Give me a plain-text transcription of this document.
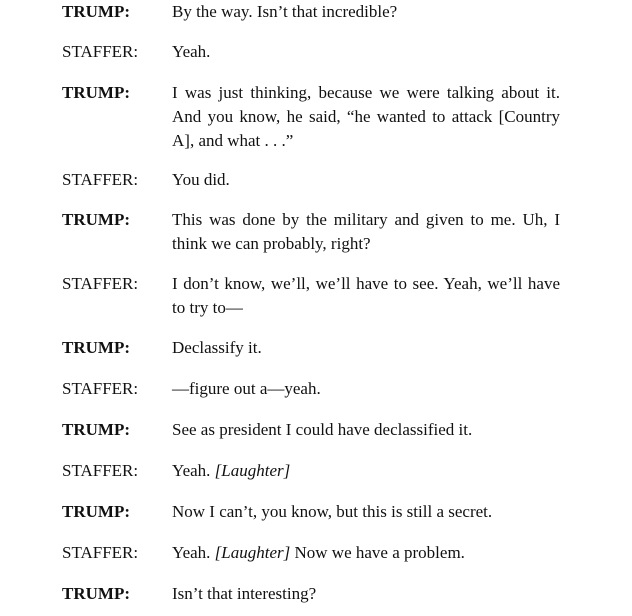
TRUMP: By the way. Isn’t that incredible?
STAFFER: Yeah.
TRUMP: I was just thinking, because we were talking about it. And you know, he said, “he wanted to attack [Country A], and what . . .”
STAFFER: You did.
TRUMP: This was done by the military and given to me. Uh, I think we can probably, right?
STAFFER: I don’t know, we’ll, we’ll have to see. Yeah, we’ll have to try to—
TRUMP: Declassify it.
STAFFER: —figure out a—yeah.
TRUMP: See as president I could have declassified it.
STAFFER: Yeah. [Laughter]
TRUMP: Now I can’t, you know, but this is still a secret.
STAFFER: Yeah. [Laughter] Now we have a problem.
TRUMP: Isn’t that interesting?
